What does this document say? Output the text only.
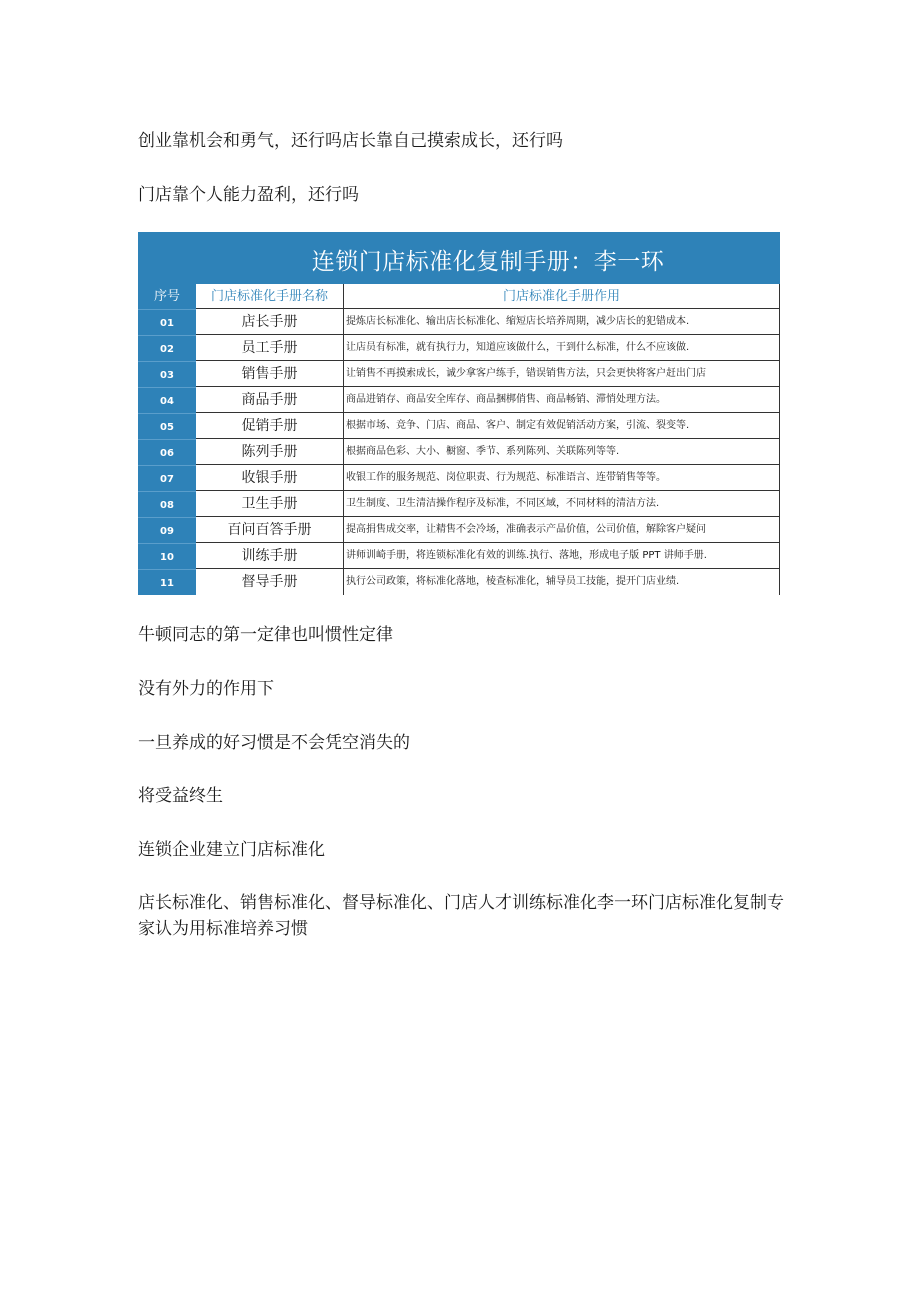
创业靠机会和勇气，还行吗店长靠自己摸索成长，还行吗

门店靠个人能力盈利，还行吗

连锁门店标准化复制手册：李一环
序号	门店标准化手册名称	门店标准化手册作用
01	店长手册	提炼店长标准化、输出店长标准化、缩短店长培养周期，减少店长的犯错成本.
02	员工手册	让店员有标准，就有执行力，知道应该做什么，干到什么标准，什么不应该做.
03	销售手册	让销售不再摸索成长，诚少拿客户练手，错误销售方法，只会更快将客户赶出门店
04	商品手册	商品进销存、商品安全库存、商品捆梆俏售、商品畅销、滞悄处理方法。
05	促销手册	根据市场、竞争、门店、商品、客户、制定有效促销活动方案，引流、裂变等.
06	陈列手册	根据商品色彩、大小、橱窗、季节、系列陈列、关联陈列等等.
07	收银手册	收银工作的服务规范、岗位职责、行为规范、标准语言、连带销售等等。
08	卫生手册	卫生制度、卫生清洁操作程序及标准，不同区域，不同材料的清洁方法.
09	百问百答手册	提高捐售成交率，让精售不会冷场，准确表示产品价值，公司价值，解除客户疑问
10	训练手册	讲师训崎手册，将连锁标准化有效的训练.执行、落地，形成电子版 PPT 讲师手册.
11	督导手册	执行公司政策，将标准化落地，棱查标准化，辅导员工技能，提开门店业绩.

牛顿同志的第一定律也叫惯性定律

没有外力的作用下

一旦养成的好习惯是不会凭空消失的

将受益终生

连锁企业建立门店标准化

店长标准化、销售标准化、督导标准化、门店人才训练标准化李一环门店标准化复制专家认为用标准培养习惯
